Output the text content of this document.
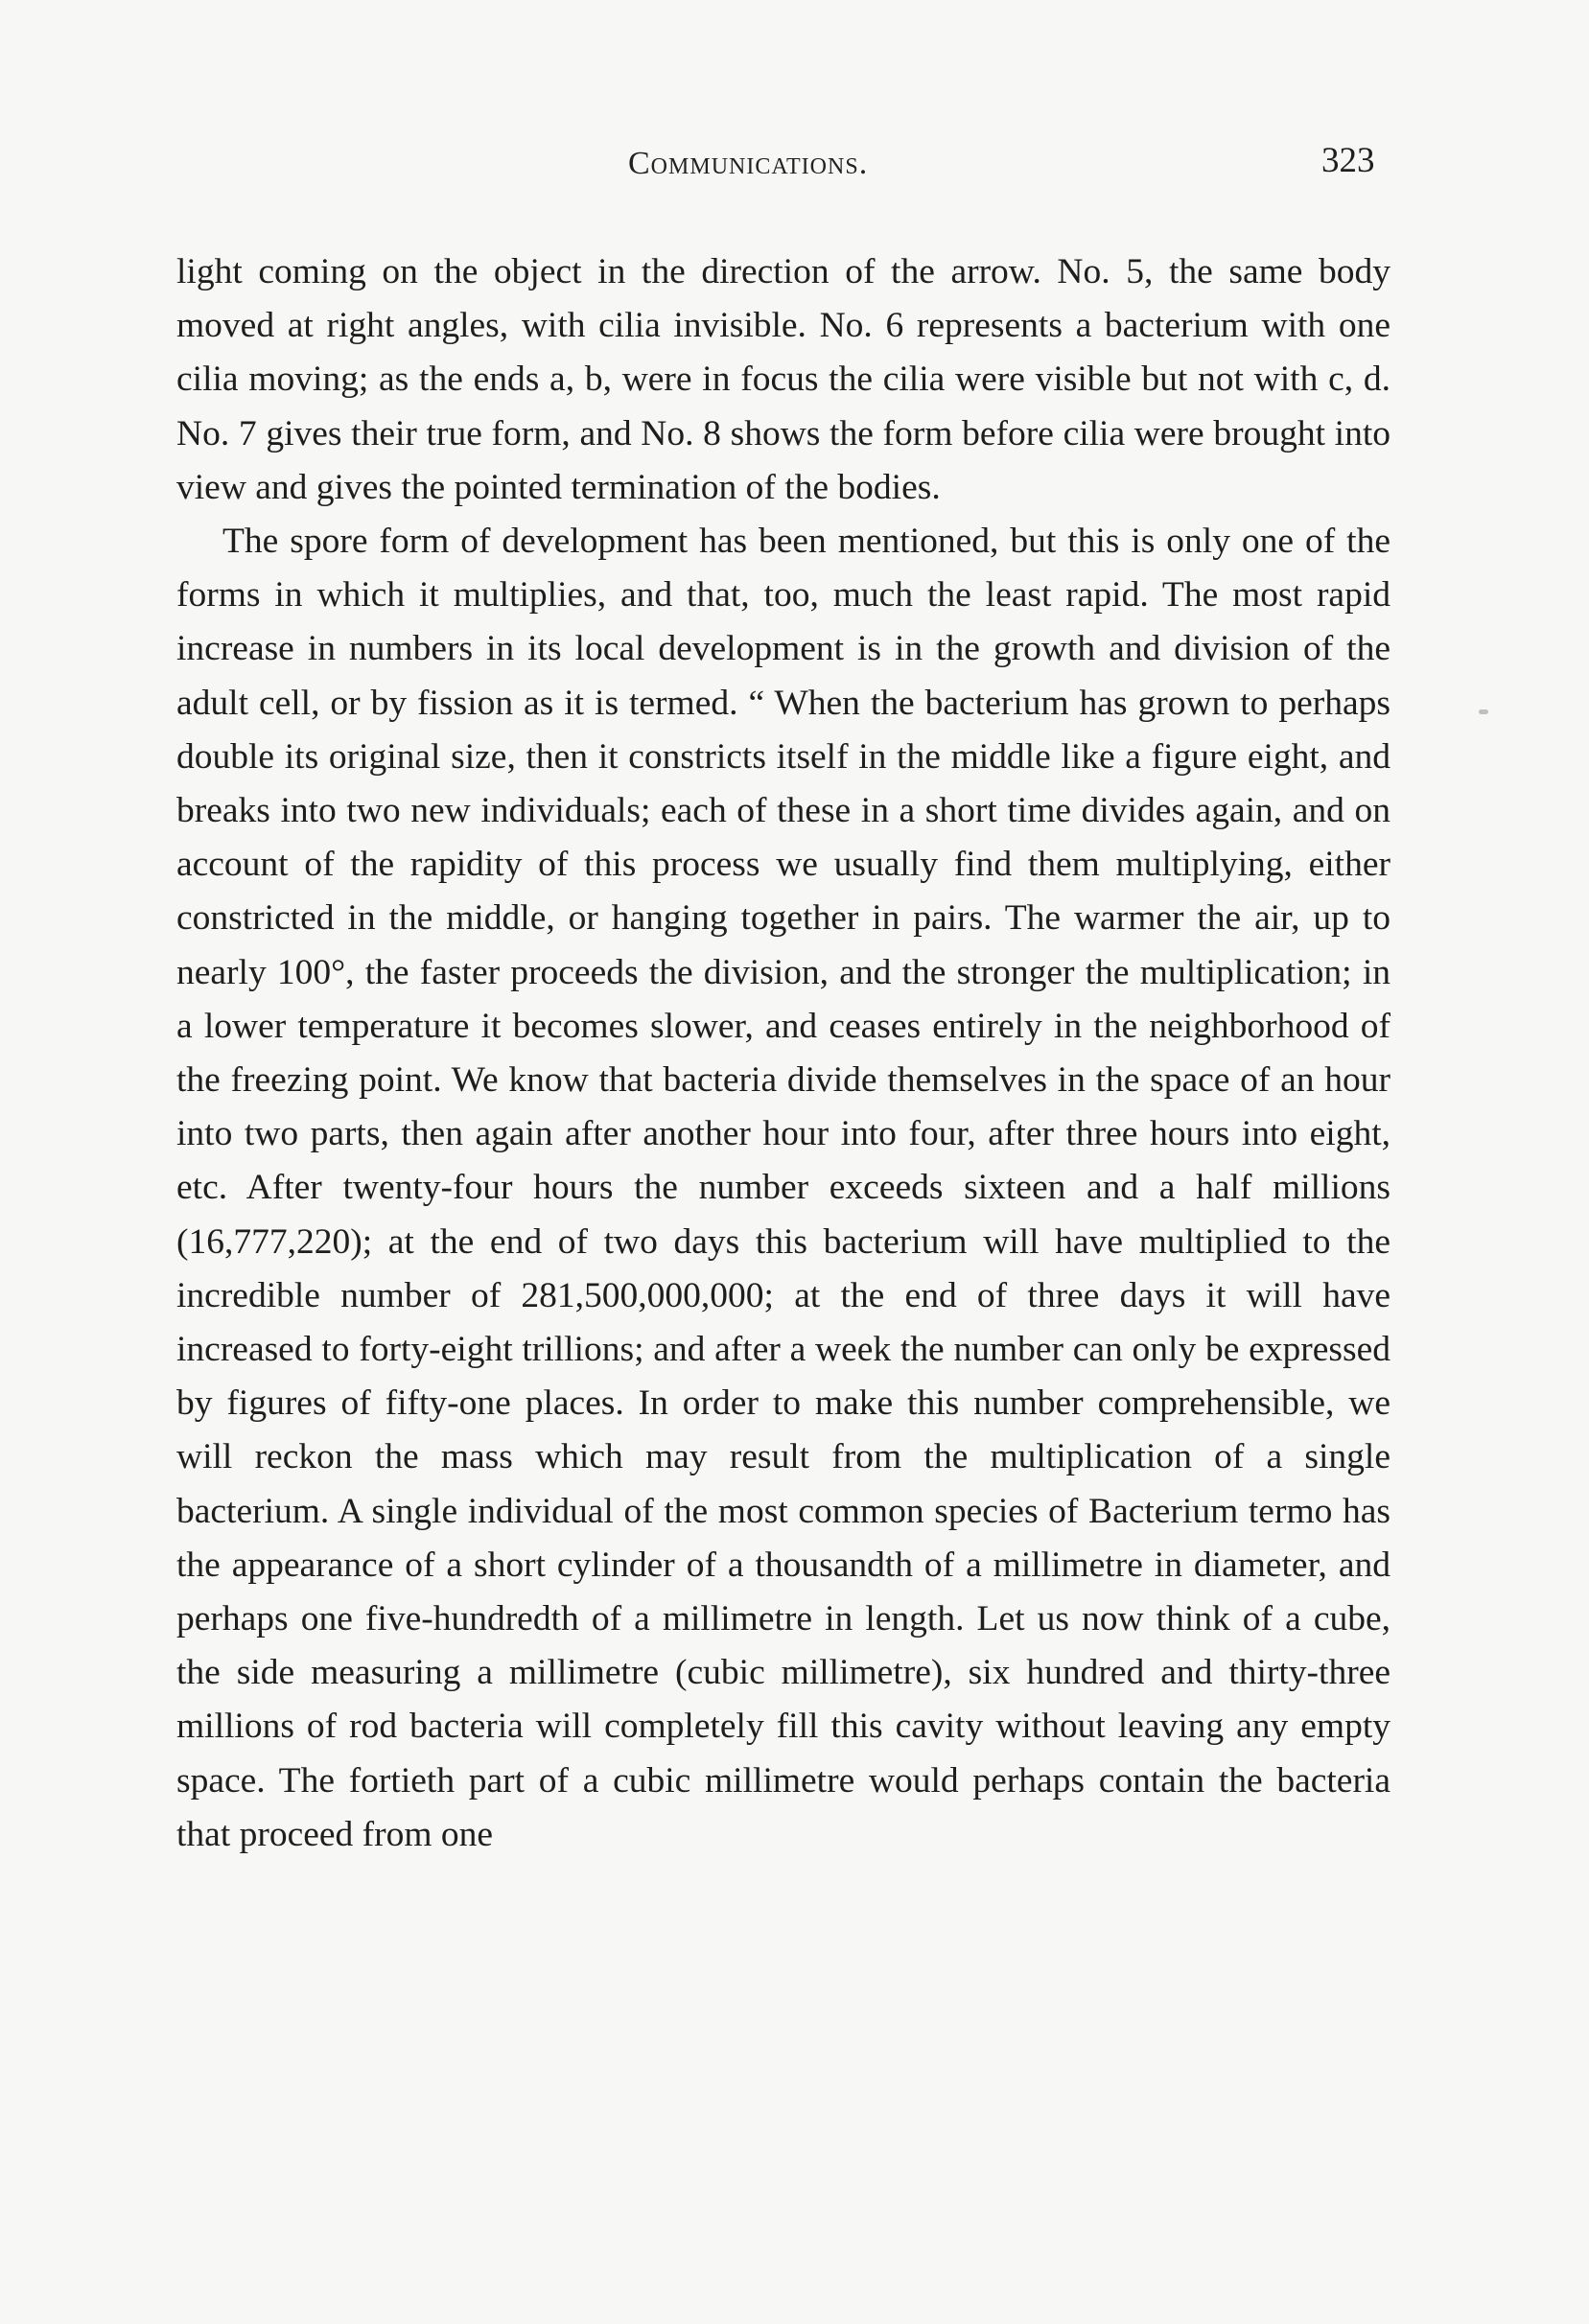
Communications.	323

light coming on the object in the direction of the arrow. No. 5, the same body moved at right angles, with cilia invisible. No. 6 represents a bacterium with one cilia moving; as the ends a, b, were in focus the cilia were visible but not with c, d. No. 7 gives their true form, and No. 8 shows the form before cilia were brought into view and gives the pointed termination of the bodies.

The spore form of development has been mentioned, but this is only one of the forms in which it multiplies, and that, too, much the least rapid. The most rapid increase in numbers in its local development is in the growth and division of the adult cell, or by fission as it is termed. “ When the bacterium has grown to perhaps double its original size, then it constricts itself in the middle like a figure eight, and breaks into two new individuals; each of these in a short time divides again, and on account of the rapidity of this process we usually find them multiplying, either constricted in the middle, or hanging together in pairs. The warmer the air, up to nearly 100°, the faster proceeds the division, and the stronger the multiplication; in a lower temperature it becomes slower, and ceases entirely in the neighborhood of the freezing point. We know that bacteria divide themselves in the space of an hour into two parts, then again after another hour into four, after three hours into eight, etc. After twenty-four hours the number exceeds sixteen and a half millions (16,777,220); at the end of two days this bacterium will have multiplied to the incredible number of 281,500,000,000; at the end of three days it will have increased to forty-eight trillions; and after a week the number can only be expressed by figures of fifty-one places. In order to make this number comprehensible, we will reckon the mass which may result from the multiplication of a single bacterium. A single individual of the most common species of Bacterium termo has the appearance of a short cylinder of a thousandth of a millimetre in diameter, and perhaps one five-hundredth of a millimetre in length. Let us now think of a cube, the side measuring a millimetre (cubic millimetre), six hundred and thirty-three millions of rod bacteria will completely fill this cavity without leaving any empty space. The fortieth part of a cubic millimetre would perhaps contain the bacteria that proceed from one
